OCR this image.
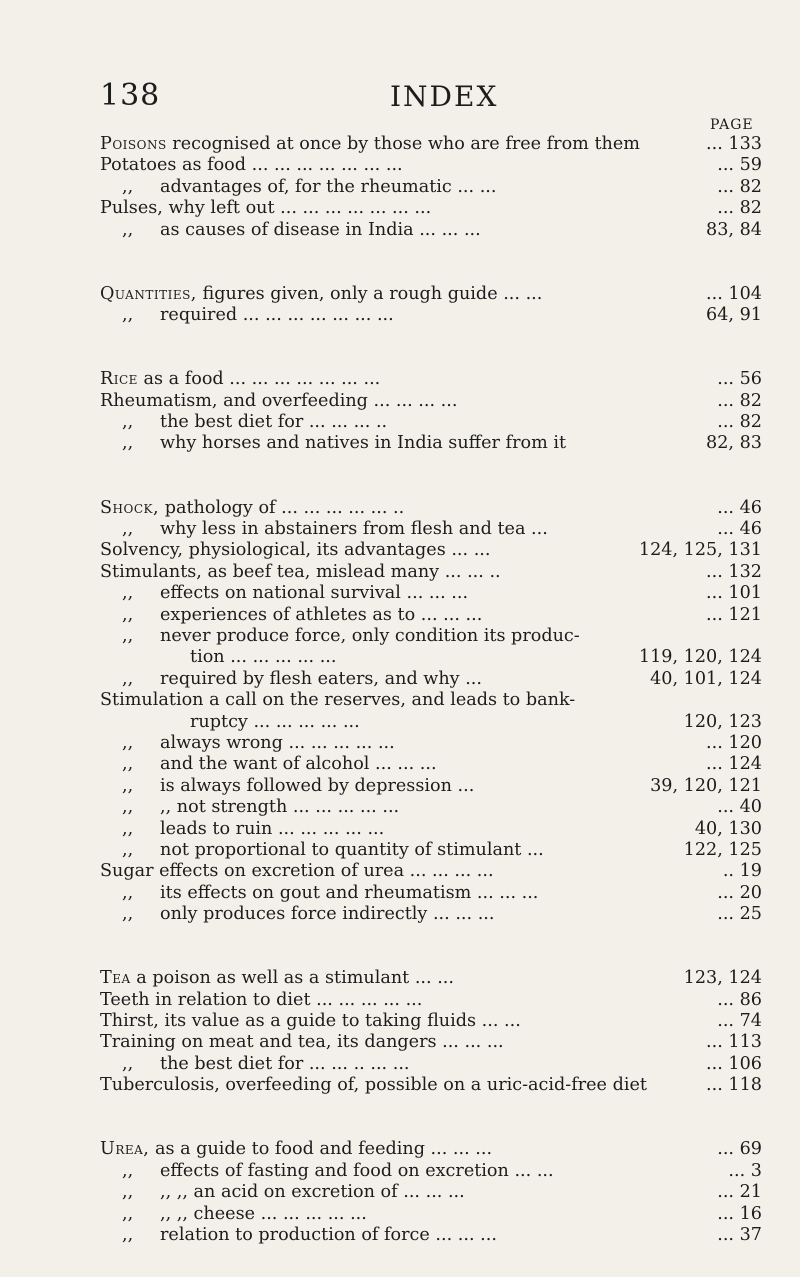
138	INDEX
Poisons recognised at once by those who are free from them	... 133
Potatoes as food ... ... ... ... ... ... ...	... 59
,, advantages of, for the rheumatic ... ...	... 82
Pulses, why left out ... ... ... ... ... ... ...	... 82
,, as causes of disease in India ... ... ...	83, 84
Quantities, figures given, only a rough guide ... ...	... 104
,, required ... ... ... ... ... ... ...	64, 91
Rice as a food ... ... ... ... ... ... ...	... 56
Rheumatism, and overfeeding ... ... ... ...	... 82
,, the best diet for ... ... ... ..	... 82
,, why horses and natives in India suffer from it	82, 83
Shock, pathology of ... ... ... ... ... ..	... 46
,, why less in abstainers from flesh and tea ...	... 46
Solvency, physiological, its advantages ... ...	124, 125, 131
Stimulants, as beef tea, mislead many ... ... ..	... 132
,, effects on national survival ... ... ...	... 101
,, experiences of athletes as to ... ... ...	... 121
,, never produce force, only condition its produc-
tion ... ... ... ... ...	119, 120, 124
,, required by flesh eaters, and why ...	40, 101, 124
Stimulation a call on the reserves, and leads to bank-
ruptcy ... ... ... ... ...	120, 123
,, always wrong ... ... ... ... ...	... 120
,, and the want of alcohol ... ... ...	... 124
,, is always followed by depression ...	39, 120, 121
,, ,, not strength ... ... ... ... ...	... 40
,, leads to ruin ... ... ... ... ...	40, 130
,, not proportional to quantity of stimulant ...	122, 125
Sugar effects on excretion of urea ... ... ... ...	.. 19
,, its effects on gout and rheumatism ... ... ...	... 20
,, only produces force indirectly ... ... ...	... 25
Tea a poison as well as a stimulant ... ...	123, 124
Teeth in relation to diet ... ... ... ... ...	... 86
Thirst, its value as a guide to taking fluids ... ...	... 74
Training on meat and tea, its dangers ... ... ...	... 113
,, the best diet for ... ... .. ... ...	... 106
Tuberculosis, overfeeding of, possible on a uric-acid-free diet	... 118
Urea, as a guide to food and feeding ... ... ...	... 69
,, effects of fasting and food on excretion ... ...	... 3
,, ,, ,, an acid on excretion of ... ... ...	... 21
,, ,, ,, cheese ... ... ... ... ...	... 16
,, relation to production of force ... ... ...	... 37
PAGE
